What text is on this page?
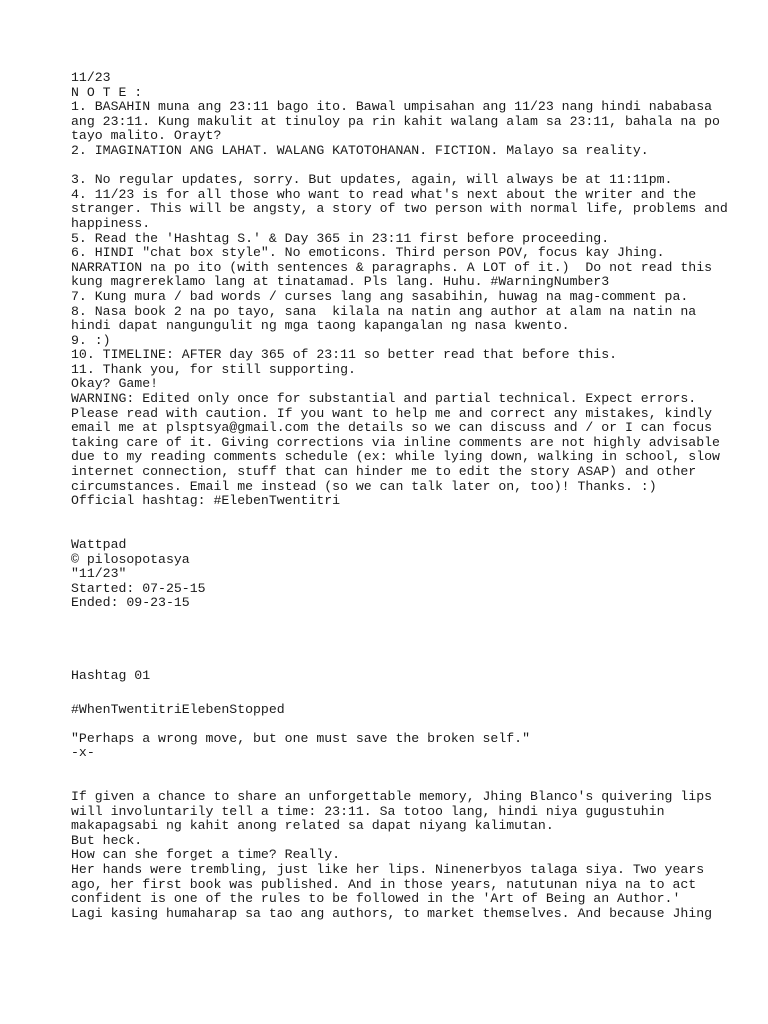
11/23
N O T E :
1. BASAHIN muna ang 23:11 bago ito. Bawal umpisahan ang 11/23 nang hindi nababasa
ang 23:11. Kung makulit at tinuloy pa rin kahit walang alam sa 23:11, bahala na po
tayo malito. Orayt?
2. IMAGINATION ANG LAHAT. WALANG KATOTOHANAN. FICTION. Malayo sa reality.
3. No regular updates, sorry. But updates, again, will always be at 11:11pm.
4. 11/23 is for all those who want to read what's next about the writer and the
stranger. This will be angsty, a story of two person with normal life, problems and
happiness.
5. Read the 'Hashtag S.' & Day 365 in 23:11 first before proceeding.
6. HINDI "chat box style". No emoticons. Third person POV, focus kay Jhing.
NARRATION na po ito (with sentences & paragraphs. A LOT of it.)  Do not read this
kung magrereklamo lang at tinatamad. Pls lang. Huhu. #WarningNumber3
7. Kung mura / bad words / curses lang ang sasabihin, huwag na mag-comment pa.
8. Nasa book 2 na po tayo, sana  kilala na natin ang author at alam na natin na
hindi dapat nangungulit ng mga taong kapangalan ng nasa kwento.
9. :)
10. TIMELINE: AFTER day 365 of 23:11 so better read that before this.
11. Thank you, for still supporting.
Okay? Game!
WARNING: Edited only once for substantial and partial technical. Expect errors.
Please read with caution. If you want to help me and correct any mistakes, kindly
email me at plsptsya@gmail.com the details so we can discuss and / or I can focus
taking care of it. Giving corrections via inline comments are not highly advisable
due to my reading comments schedule (ex: while lying down, walking in school, slow
internet connection, stuff that can hinder me to edit the story ASAP) and other
circumstances. Email me instead (so we can talk later on, too)! Thanks. :)
Official hashtag: #ElebenTwentitri
Wattpad
© pilosopotasya
"11/23"
Started: 07-25-15
Ended: 09-23-15
Hashtag 01
#WhenTwentitriElebenStopped
"Perhaps a wrong move, but one must save the broken self."
-x-
If given a chance to share an unforgettable memory, Jhing Blanco's quivering lips
will involuntarily tell a time: 23:11. Sa totoo lang, hindi niya gugustuhin
makapagsabi ng kahit anong related sa dapat niyang kalimutan.
But heck.
How can she forget a time? Really.
Her hands were trembling, just like her lips. Ninenerbyos talaga siya. Two years
ago, her first book was published. And in those years, natutunan niya na to act
confident is one of the rules to be followed in the 'Art of Being an Author.'
Lagi kasing humaharap sa tao ang authors, to market themselves. And because Jhing
